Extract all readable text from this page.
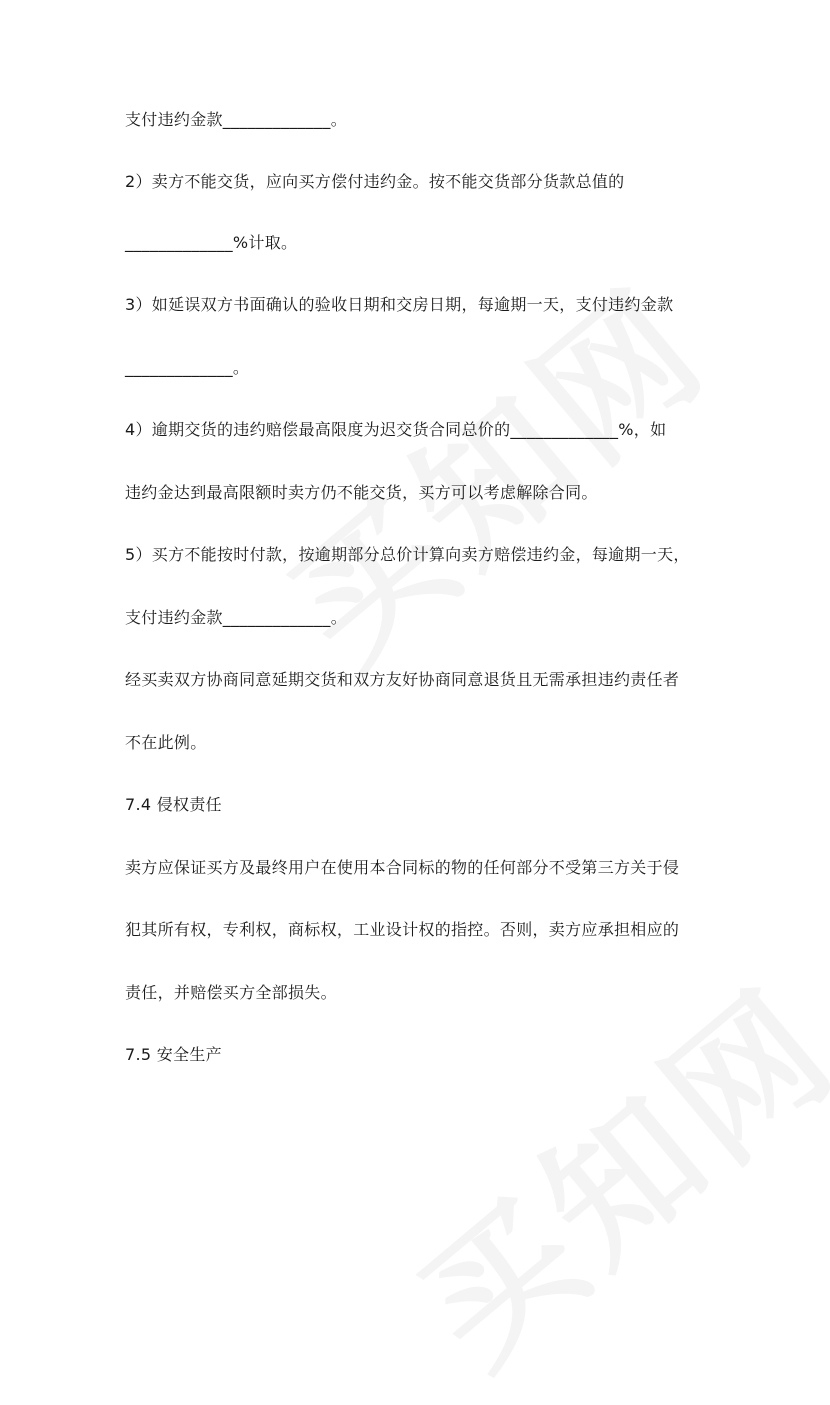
支付违约金款_____________。
2）卖方不能交货，应向买方偿付违约金。按不能交货部分货款总值的
_____________%计取。
3）如延误双方书面确认的验收日期和交房日期，每逾期一天，支付违约金款
_____________。
4）逾期交货的违约赔偿最高限度为迟交货合同总价的_____________%，如
违约金达到最高限额时卖方仍不能交货，买方可以考虑解除合同。
5）买方不能按时付款，按逾期部分总价计算向卖方赔偿违约金，每逾期一天，
支付违约金款_____________。
经买卖双方协商同意延期交货和双方友好协商同意退货且无需承担违约责任者
不在此例。
7.4 侵权责任
卖方应保证买方及最终用户在使用本合同标的物的任何部分不受第三方关于侵
犯其所有权，专利权，商标权，工业设计权的指控。否则，卖方应承担相应的
责任，并赔偿买方全部损失。
7.5 安全生产
